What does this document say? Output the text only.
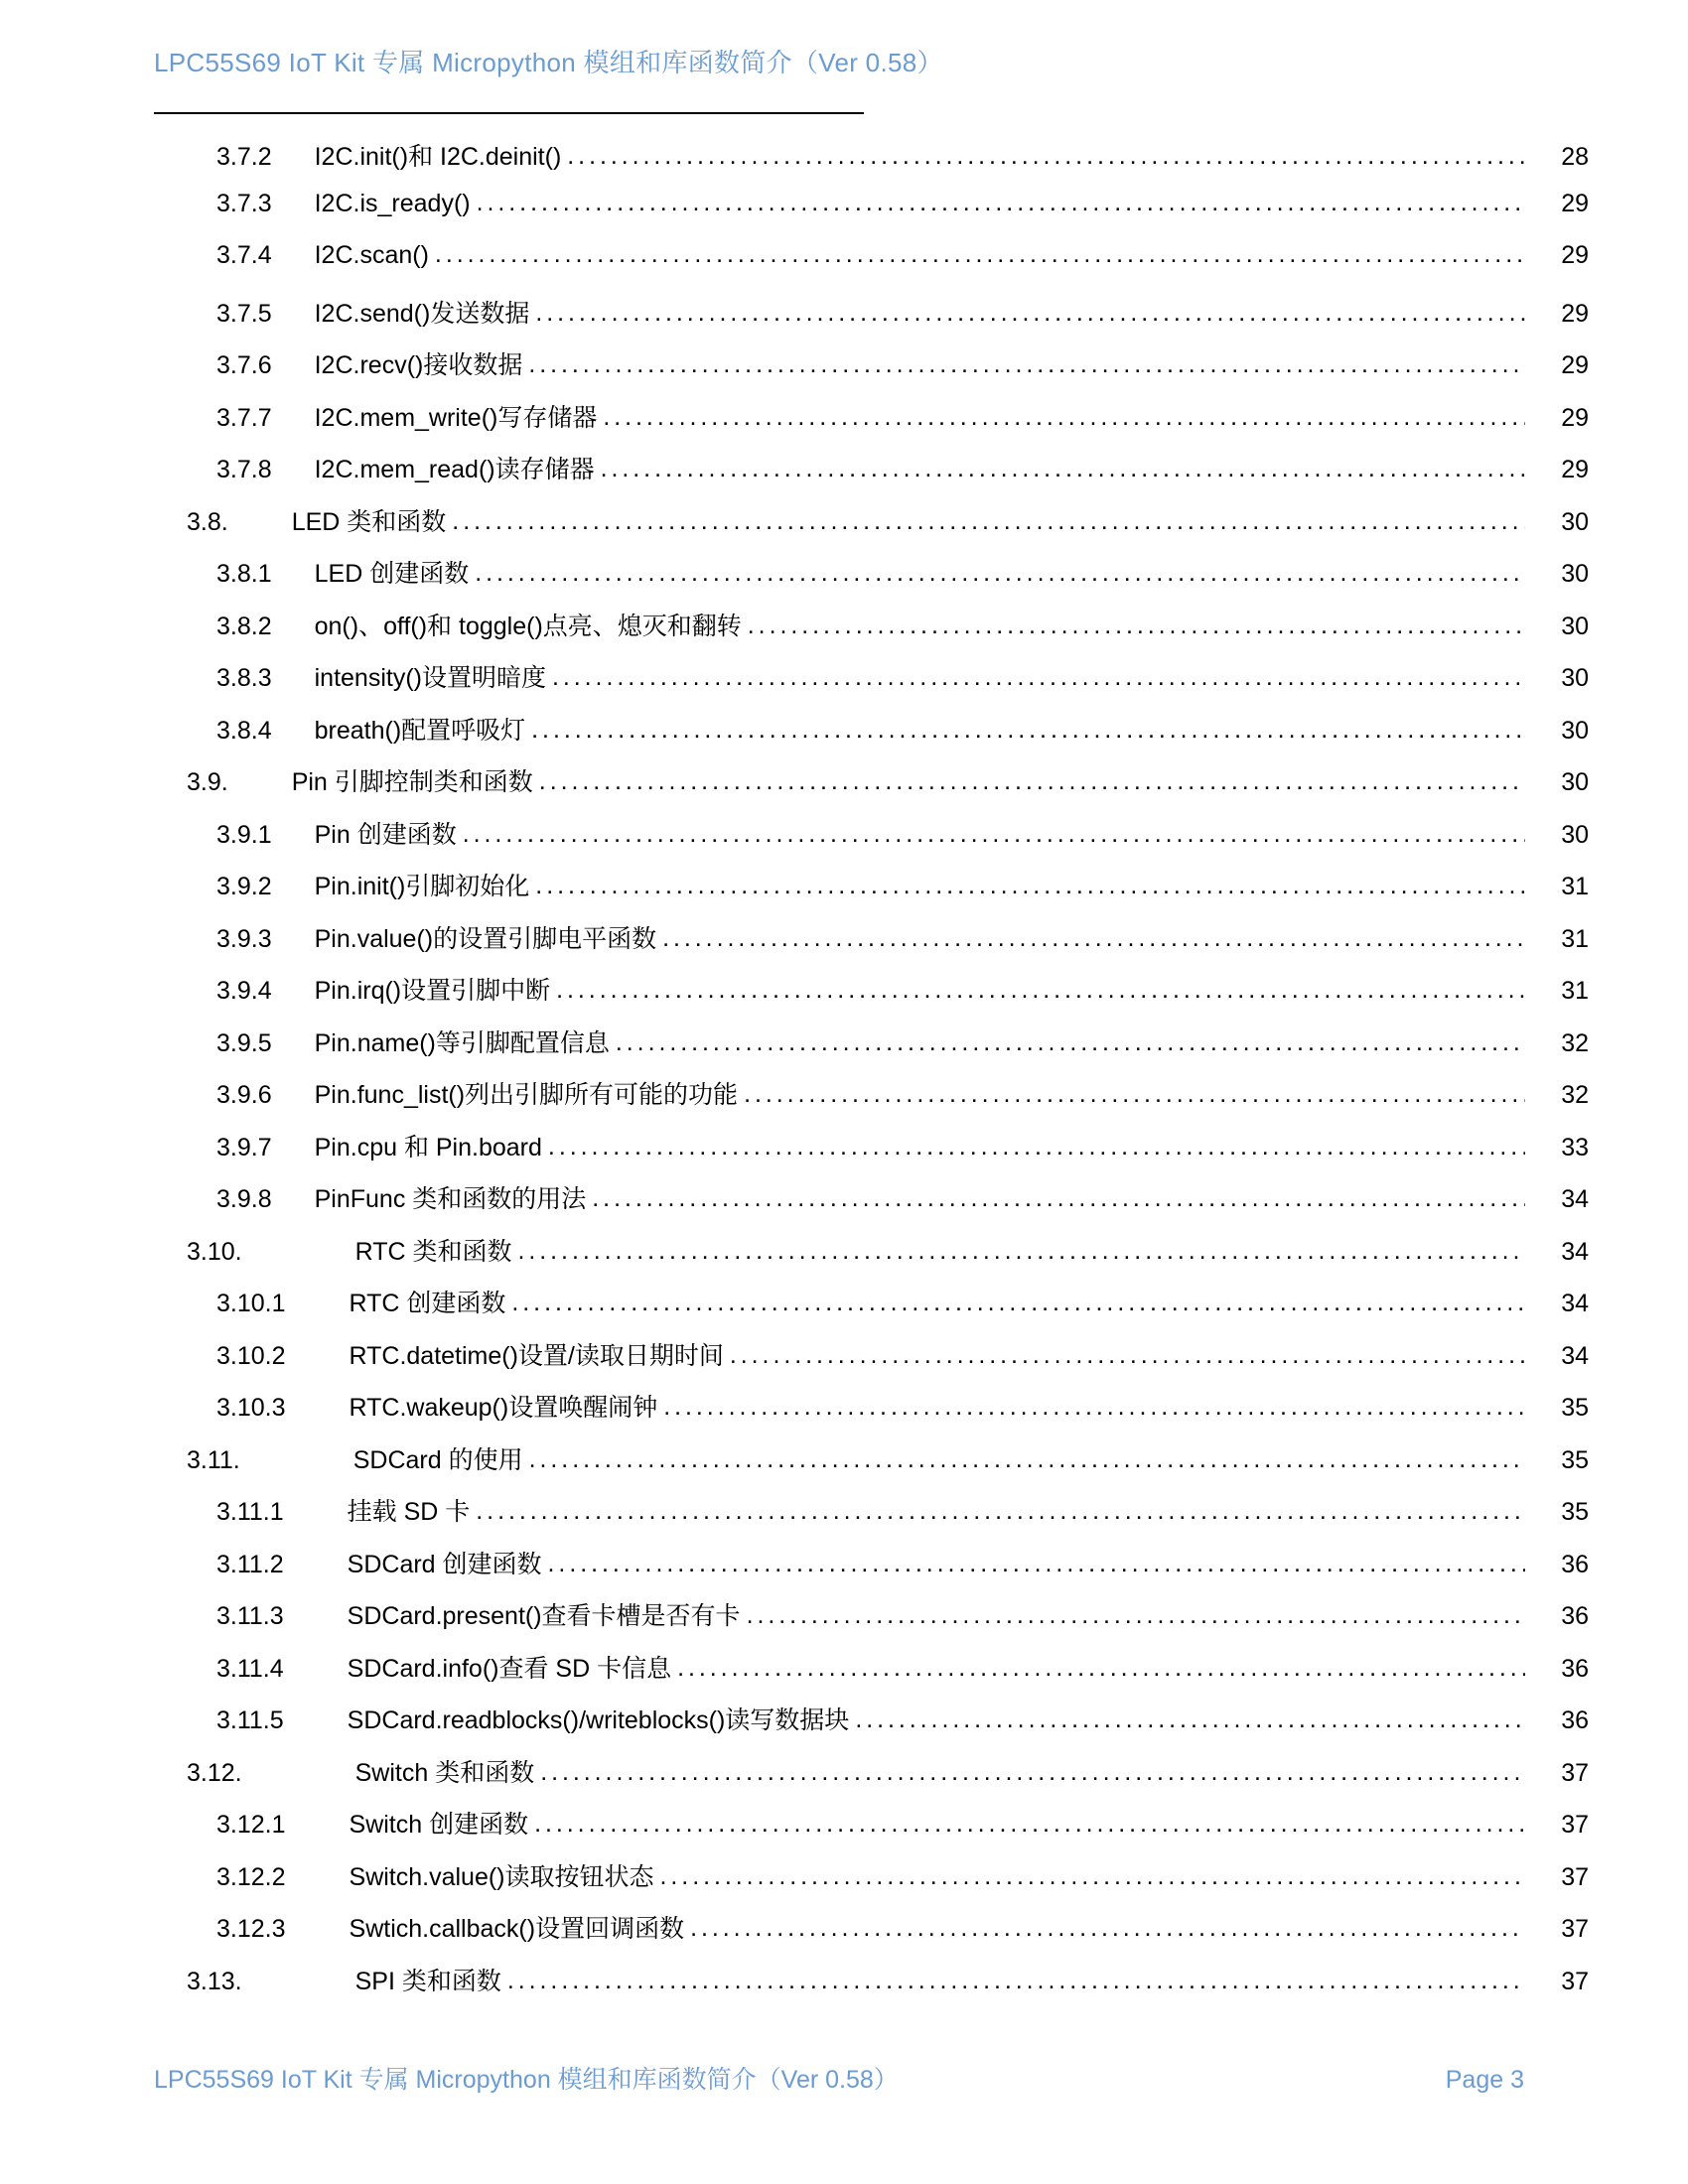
LPC55S69 IoT Kit 专属 Micropython 模组和库函数简介（Ver 0.58）
3.7.2 I2C.init()和 I2C.deinit() . . .	28
3.7.3 I2C.is_ready() . . .	29
3.7.4 I2C.scan() . . .	29
3.7.5 I2C.send()发送数据 . . .	29
3.7.6 I2C.recv()接收数据 . . .	29
3.7.7 I2C.mem_write()写存储器 . . .	29
3.7.8 I2C.mem_read()读存储器 . . .	29
3.8.	LED 类和函数 . . .	30
3.8.1 LED 创建函数 . . .	30
3.8.2 on()、off()和 toggle()点亮、熄灭和翻转 . . .	30
3.8.3 intensity()设置明暗度 . . .	30
3.8.4 breath()配置呼吸灯 . . .	30
3.9.	Pin 引脚控制类和函数 . . .	30
3.9.1 Pin 创建函数 . . .	30
3.9.2 Pin.init()引脚初始化 . . .	31
3.9.3 Pin.value()的设置引脚电平函数 . . .	31
3.9.4 Pin.irq()设置引脚中断 . . .	31
3.9.5 Pin.name()等引脚配置信息 . . .	32
3.9.6 Pin.func_list()列出引脚所有可能的功能 . . .	32
3.9.7 Pin.cpu 和 Pin.board . . .	33
3.9.8 PinFunc 类和函数的用法 . . .	34
3.10.	RTC 类和函数 . . .	34
3.10.1	RTC 创建函数 . . .	34
3.10.2	RTC.datetime()设置/读取日期时间 . . .	34
3.10.3	RTC.wakeup()设置唤醒闹钟 . . .	35
3.11.	SDCard 的使用 . . .	35
3.11.1	挂载 SD 卡 . . .	35
3.11.2	SDCard 创建函数 . . .	36
3.11.3	SDCard.present()查看卡槽是否有卡 . . .	36
3.11.4	SDCard.info()查看 SD 卡信息 . . .	36
3.11.5	SDCard.readblocks()/writeblocks()读写数据块 . . .	36
3.12.	Switch 类和函数 . . .	37
3.12.1	Switch 创建函数 . . .	37
3.12.2	Switch.value()读取按钮状态 . . .	37
3.12.3	Swtich.callback()设置回调函数 . . .	37
3.13.	SPI 类和函数 . . .	37
LPC55S69 IoT Kit 专属 Micropython 模组和库函数简介（Ver 0.58）	Page 3
